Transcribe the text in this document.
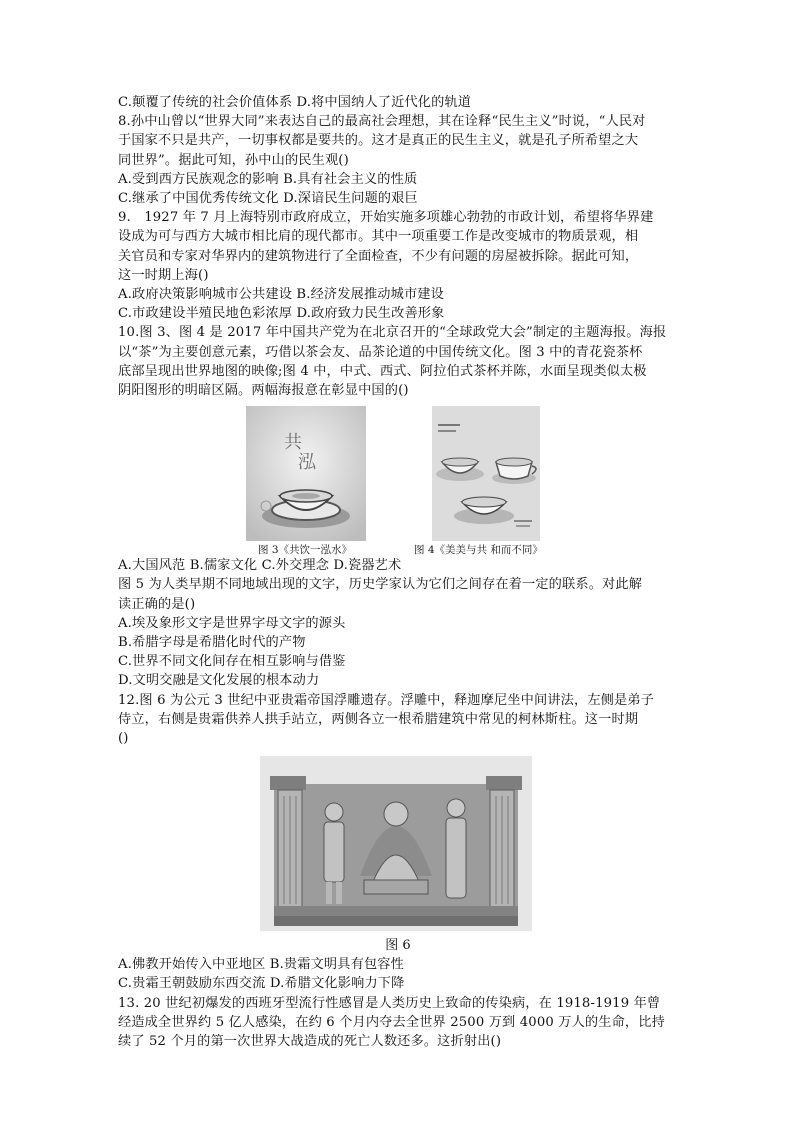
C.颠覆了传统的社会价值体系 D.将中国纳人了近代化的轨道

8.孙中山曾以“世界大同”来表达自己的最高社会理想，其在诠释“民生主义”时说，“人民对

于国家不只是共产，一切事权都是要共的。这才是真正的民生主义，就是孔子所希望之大

同世界”。据此可知，孙中山的民生观()

A.受到西方民族观念的影响 B.具有社会主义的性质

C.继承了中国优秀传统文化 D.深谙民生问题的艰巨

9.　1927 年 7 月上海特别市政府成立，开始实施多项雄心勃勃的市政计划，希望将华界建

设成为可与西方大城市相比肩的现代都市。其中一项重要工作是改变城市的物质景观，相

关官员和专家对华界内的建筑物进行了全面检查，不少有问题的房屋被拆除。据此可知，

这一时期上海()

A.政府决策影响城市公共建设 B.经济发展推动城市建设

C.市政建设半殖民地色彩浓厚 D.政府致力民生改善形象

10.图 3、图 4 是 2017 年中国共产党为在北京召开的“全球政党大会”制定的主题海报。海报

以“茶”为主要创意元素，巧借以茶会友、品茶论道的中国传统文化。图 3 中的青花瓷茶杯

底部呈现出世界地图的映像;图 4 中，中式、西式、阿拉伯式茶杯并陈，水面呈现类似太极

阴阳图形的明暗区隔。两幅海报意在彰显中国的()

共
泓
图 3《共饮一泓水》	图 4《美美与共 和而不同》

A.大国风范 B.儒家文化 C.外交理念 D.瓷器艺术

图 5 为人类早期不同地域出现的文字，历史学家认为它们之间存在着一定的联系。对此解

读正确的是()

A.埃及象形文字是世界字母文字的源头

B.希腊字母是希腊化时代的产物

C.世界不同文化间存在相互影响与借鉴

D.文明交融是文化发展的根本动力

12.图 6 为公元 3 世纪中亚贵霜帝国浮雕遗存。浮雕中，释迦摩尼坐中间讲法，左侧是弟子

侍立，右侧是贵霜供养人拱手站立，两侧各立一根希腊建筑中常见的柯林斯柱。这一时期

()

图 6

A.佛教开始传入中亚地区 B.贵霜文明具有包容性

C.贵霜王朝鼓励东西交流 D.希腊文化影响力下降

13. 20 世纪初爆发的西班牙型流行性感冒是人类历史上致命的传染病，在 1918-1919 年曾

经造成全世界约 5 亿人感染，在约 6 个月内夺去全世界 2500 万到 4000 万人的生命，比持

续了 52 个月的第一次世界大战造成的死亡人数还多。这折射出()
